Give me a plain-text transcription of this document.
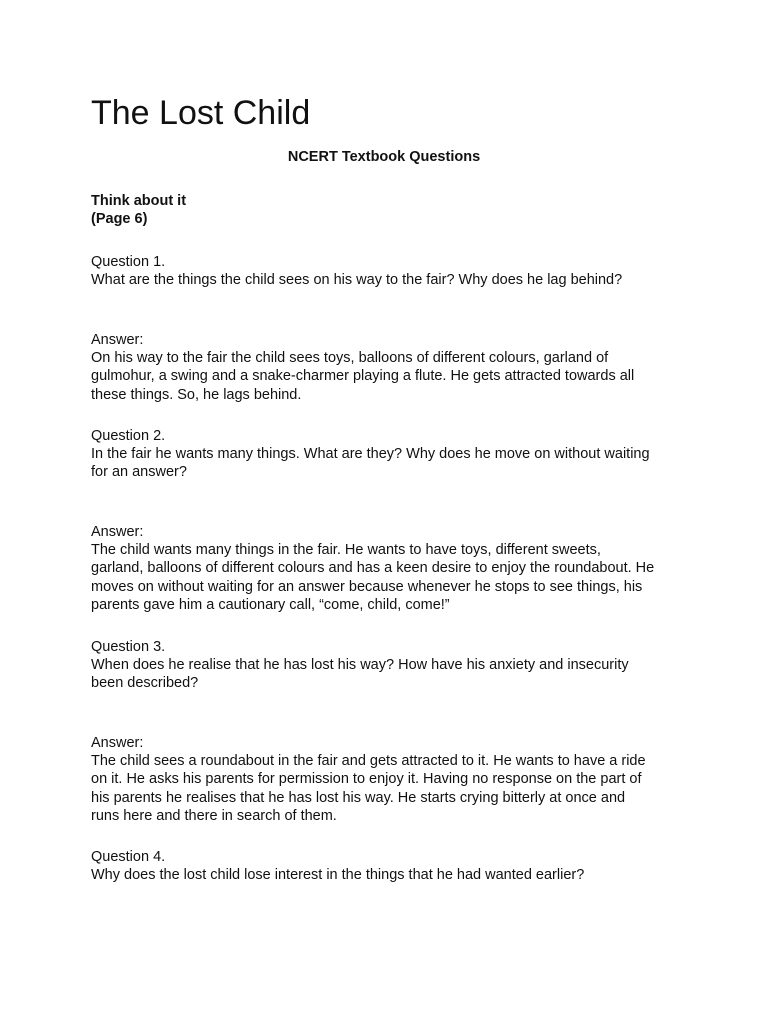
The Lost Child
NCERT Textbook Questions
Think about it
(Page 6)
Question 1.
What are the things the child sees on his way to the fair? Why does he lag behind?
Answer:
On his way to the fair the child sees toys, balloons of different colours, garland of
gulmohur, a swing and a snake-charmer playing a flute. He gets attracted towards all
these things. So, he lags behind.
Question 2.
In the fair he wants many things. What are they? Why does he move on without waiting
for an answer?
Answer:
The child wants many things in the fair. He wants to have toys, different sweets,
garland, balloons of different colours and has a keen desire to enjoy the roundabout. He
moves on without waiting for an answer because whenever he stops to see things, his
parents gave him a cautionary call, “come, child, come!”
Question 3.
When does he realise that he has lost his way? How have his anxiety and insecurity
been described?
Answer:
The child sees a roundabout in the fair and gets attracted to it. He wants to have a ride
on it. He asks his parents for permission to enjoy it. Having no response on the part of
his parents he realises that he has lost his way. He starts crying bitterly at once and
runs here and there in search of them.
Question 4.
Why does the lost child lose interest in the things that he had wanted earlier?
